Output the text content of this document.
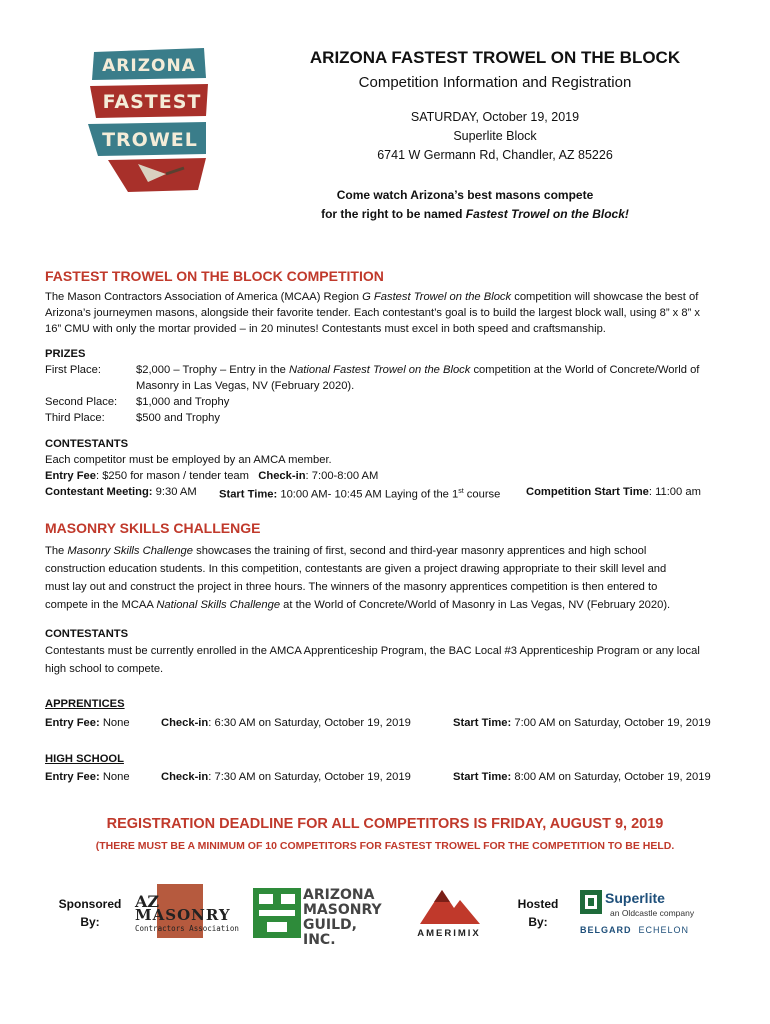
ARIZONA
FASTEST
TROWEL
ARIZONA FASTEST TROWEL ON THE BLOCK
Competition Information and Registration
SATURDAY, October 19, 2019
Superlite Block
6741 W Germann Rd, Chandler, AZ 85226
Come watch Arizona’s best masons compete
for the right to be named Fastest Trowel on the Block!
FASTEST TROWEL ON THE BLOCK COMPETITION
The Mason Contractors Association of America (MCAA) Region G Fastest Trowel on the Block competition will showcase the best of
Arizona’s journeymen masons, alongside their favorite tender. Each contestant’s goal is to build the largest block wall, using 8” x 8” x
16” CMU with only the mortar provided – in 20 minutes! Contestants must excel in both speed and craftsmanship.
PRIZES
First Place:	$2,000 – Trophy – Entry in the National Fastest Trowel on the Block competition at the World of Concrete/World of
Masonry in Las Vegas, NV (February 2020).
Second Place: $1,000 and Trophy
Third Place:	$500 and Trophy
CONTESTANTS
Each competitor must be employed by an AMCA member.
Entry Fee: $250 for mason / tender team Check-in: 7:00-8:00 AM
Contestant Meeting: 9:30 AM Start Time: 10:00 AM- 10:45 AM Laying of the 1st course Competition Start Time: 11:00 am
MASONRY SKILLS CHALLENGE
The Masonry Skills Challenge showcases the training of first, second and third-year masonry apprentices and high school
construction education students. In this competition, contestants are given a project drawing appropriate to their skill level and
must lay out and construct the project in three hours. The winners of the masonry apprentices competition is then entered to
compete in the MCAA National Skills Challenge at the World of Concrete/World of Masonry in Las Vegas, NV (February 2020).
CONTESTANTS
Contestants must be currently enrolled in the AMCA Apprenticeship Program, the BAC Local #3 Apprenticeship Program or any local
high school to compete.
APPRENTICES
Entry Fee: None	Check-in: 6:30 AM on Saturday, October 19, 2019	Start Time: 7:00 AM on Saturday, October 19, 2019
HIGH SCHOOL
Entry Fee: None	Check-in: 7:30 AM on Saturday, October 19, 2019	Start Time: 8:00 AM on Saturday, October 19, 2019
REGISTRATION DEADLINE FOR ALL COMPETITORS IS FRIDAY, AUGUST 9, 2019
(THERE MUST BE A MINIMUM OF 10 COMPETITORS FOR FASTEST TROWEL FOR THE COMPETITION TO BE HELD.
Sponsored
By:
AZ
MASONRY
Contractors Association
ARIZONA
MASONRY
GUILD, INC.	AMERIMIX
Hosted
By:
Superlite
an Oldcastle company
BELGARD ECHELON
